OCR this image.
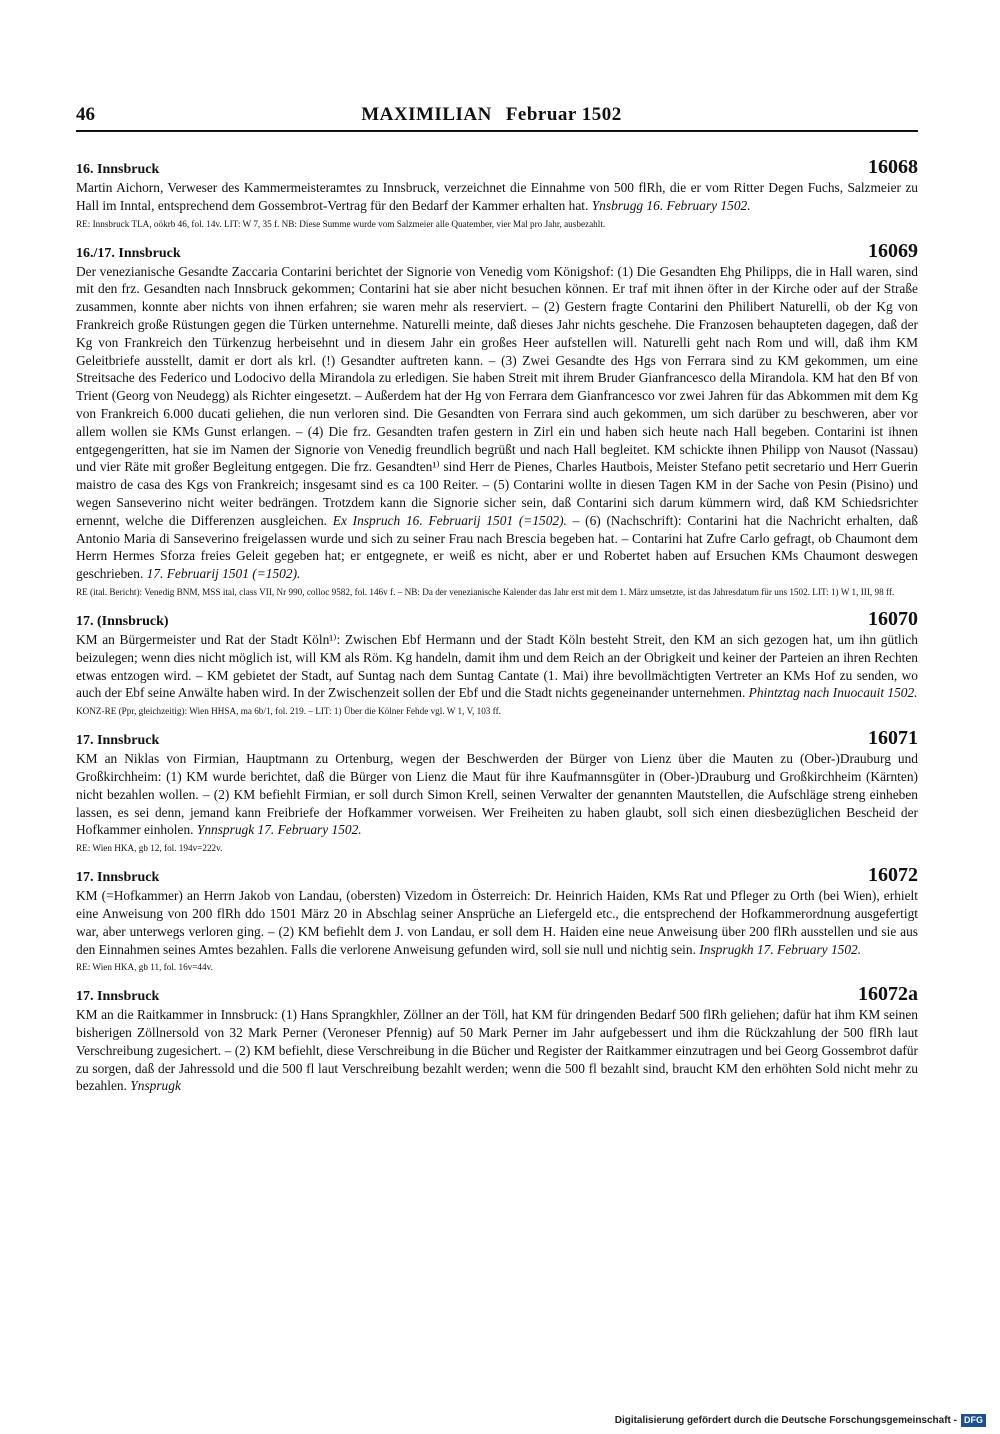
46	MAXIMILIAN Februar 1502
16. Innsbruck	16068
Martin Aichorn, Verweser des Kammermeisteramtes zu Innsbruck, verzeichnet die Einnahme von 500 flRh, die er vom Ritter Degen Fuchs, Salzmeier zu Hall im Inntal, entsprechend dem Gossembrot-Vertrag für den Bedarf der Kammer erhalten hat. Ynsbrugg 16. February 1502.
RE: Innsbruck TLA, oökrb 46, fol. 14v. LIT: W 7, 35 f. NB: Diese Summe wurde vom Salzmeier alle Quatember, vier Mal pro Jahr, ausbezahlt.
16./17. Innsbruck	16069
Der venezianische Gesandte Zaccaria Contarini berichtet der Signorie von Venedig vom Königshof: (1) Die Gesandten Ehg Philipps, die in Hall waren, sind mit den frz. Gesandten nach Innsbruck gekommen; Contarini hat sie aber nicht besuchen können. Er traf mit ihnen öfter in der Kirche oder auf der Straße zusammen, konnte aber nichts von ihnen erfahren; sie waren mehr als reserviert. – (2) Gestern fragte Contarini den Philibert Naturelli, ob der Kg von Frankreich große Rüstungen gegen die Türken unternehme. Naturelli meinte, daß dieses Jahr nichts geschehe. Die Franzosen behaupteten dagegen, daß der Kg von Frankreich den Türkenzug herbeisehnt und in diesem Jahr ein großes Heer aufstellen will. Naturelli geht nach Rom und will, daß ihm KM Geleitbriefe ausstellt, damit er dort als krl. (!) Gesandter auftreten kann. – (3) Zwei Gesandte des Hgs von Ferrara sind zu KM gekommen, um eine Streitsache des Federico und Lodocivo della Mirandola zu erledigen. Sie haben Streit mit ihrem Bruder Gianfrancesco della Mirandola. KM hat den Bf von Trient (Georg von Neudegg) als Richter eingesetzt. – Außerdem hat der Hg von Ferrara dem Gianfrancesco vor zwei Jahren für das Abkommen mit dem Kg von Frankreich 6.000 ducati geliehen, die nun verloren sind. Die Gesandten von Ferrara sind auch gekommen, um sich darüber zu beschweren, aber vor allem wollen sie KMs Gunst erlangen. – (4) Die frz. Gesandten trafen gestern in Zirl ein und haben sich heute nach Hall begeben. Contarini ist ihnen entgegengeritten, hat sie im Namen der Signorie von Venedig freundlich begrüßt und nach Hall begleitet. KM schickte ihnen Philipp von Nausot (Nassau) und vier Räte mit großer Begleitung entgegen. Die frz. Gesandten¹⁾ sind Herr de Pienes, Charles Hautbois, Meister Stefano petit secretario und Herr Guerin maistro de casa des Kgs von Frankreich; insgesamt sind es ca 100 Reiter. – (5) Contarini wollte in diesen Tagen KM in der Sache von Pesin (Pisino) und wegen Sanseverino nicht weiter bedrängen. Trotzdem kann die Signorie sicher sein, daß Contarini sich darum kümmern wird, daß KM Schiedsrichter ernennt, welche die Differenzen ausgleichen. Ex Inspruch 16. Februarij 1501 (=1502). – (6) (Nachschrift): Contarini hat die Nachricht erhalten, daß Antonio Maria di Sanseverino freigelassen wurde und sich zu seiner Frau nach Brescia begeben hat. – Contarini hat Zufre Carlo gefragt, ob Chaumont dem Herrn Hermes Sforza freies Geleit gegeben hat; er entgegnete, er weiß es nicht, aber er und Robertet haben auf Ersuchen KMs Chaumont deswegen geschrieben. 17. Februarij 1501 (=1502).
RE (ital. Bericht): Venedig BNM, MSS ital, class VII, Nr 990, colloc 9582, fol. 146v f. – NB: Da der venezianische Kalender das Jahr erst mit dem 1. März umsetzte, ist das Jahresdatum für uns 1502. LIT: 1) W 1, III, 98 ff.
17. (Innsbruck)	16070
KM an Bürgermeister und Rat der Stadt Köln¹⁾: Zwischen Ebf Hermann und der Stadt Köln besteht Streit, den KM an sich gezogen hat, um ihn gütlich beizulegen; wenn dies nicht möglich ist, will KM als Röm. Kg handeln, damit ihm und dem Reich an der Obrigkeit und keiner der Parteien an ihren Rechten etwas entzogen wird. – KM gebietet der Stadt, auf Suntag nach dem Suntag Cantate (1. Mai) ihre bevollmächtigten Vertreter an KMs Hof zu senden, wo auch der Ebf seine Anwälte haben wird. In der Zwischenzeit sollen der Ebf und die Stadt nichts gegeneinander unternehmen. Phintztag nach Inuocauit 1502.
KONZ-RE (Ppr, gleichzeitig): Wien HHSA, ma 6b/1, fol. 219. – LIT: 1) Über die Kölner Fehde vgl. W 1, V, 103 ff.
17. Innsbruck	16071
KM an Niklas von Firmian, Hauptmann zu Ortenburg, wegen der Beschwerden der Bürger von Lienz über die Mauten zu (Ober-)Drauburg und Großkirchheim: (1) KM wurde berichtet, daß die Bürger von Lienz die Maut für ihre Kaufmannsgüter in (Ober-)Drauburg und Großkirchheim (Kärnten) nicht bezahlen wollen. – (2) KM befiehlt Firmian, er soll durch Simon Krell, seinen Verwalter der genannten Mautstellen, die Aufschläge streng einheben lassen, es sei denn, jemand kann Freibriefe der Hofkammer vorweisen. Wer Freiheiten zu haben glaubt, soll sich einen diesbezüglichen Bescheid der Hofkammer einholen. Ynnsprugk 17. February 1502.
RE: Wien HKA, gb 12, fol. 194v=222v.
17. Innsbruck	16072
KM (=Hofkammer) an Herrn Jakob von Landau, (obersten) Vizedom in Österreich: Dr. Heinrich Haiden, KMs Rat und Pfleger zu Orth (bei Wien), erhielt eine Anweisung von 200 flRh ddo 1501 März 20 in Abschlag seiner Ansprüche an Liefergeld etc., die entsprechend der Hofkammerordnung ausgefertigt war, aber unterwegs verloren ging. – (2) KM befiehlt dem J. von Landau, er soll dem H. Haiden eine neue Anweisung über 200 flRh ausstellen und sie aus den Einnahmen seines Amtes bezahlen. Falls die verlorene Anweisung gefunden wird, soll sie null und nichtig sein. Insprugkh 17. February 1502.
RE: Wien HKA, gb 11, fol. 16v=44v.
17. Innsbruck	16072a
KM an die Raitkammer in Innsbruck: (1) Hans Sprangkhler, Zöllner an der Töll, hat KM für dringenden Bedarf 500 flRh geliehen; dafür hat ihm KM seinen bisherigen Zöllnersold von 32 Mark Perner (Veroneser Pfennig) auf 50 Mark Perner im Jahr aufgebessert und ihm die Rückzahlung der 500 flRh laut Verschreibung zugesichert. – (2) KM befiehlt, diese Verschreibung in die Bücher und Register der Raitkammer einzutragen und bei Georg Gossembrot dafür zu sorgen, daß der Jahressold und die 500 fl laut Verschreibung bezahlt werden; wenn die 500 fl bezahlt sind, braucht KM den erhöhten Sold nicht mehr zu bezahlen. Ynsprugk
Digitalisierung gefördert durch die Deutsche Forschungsgemeinschaft - DFG
